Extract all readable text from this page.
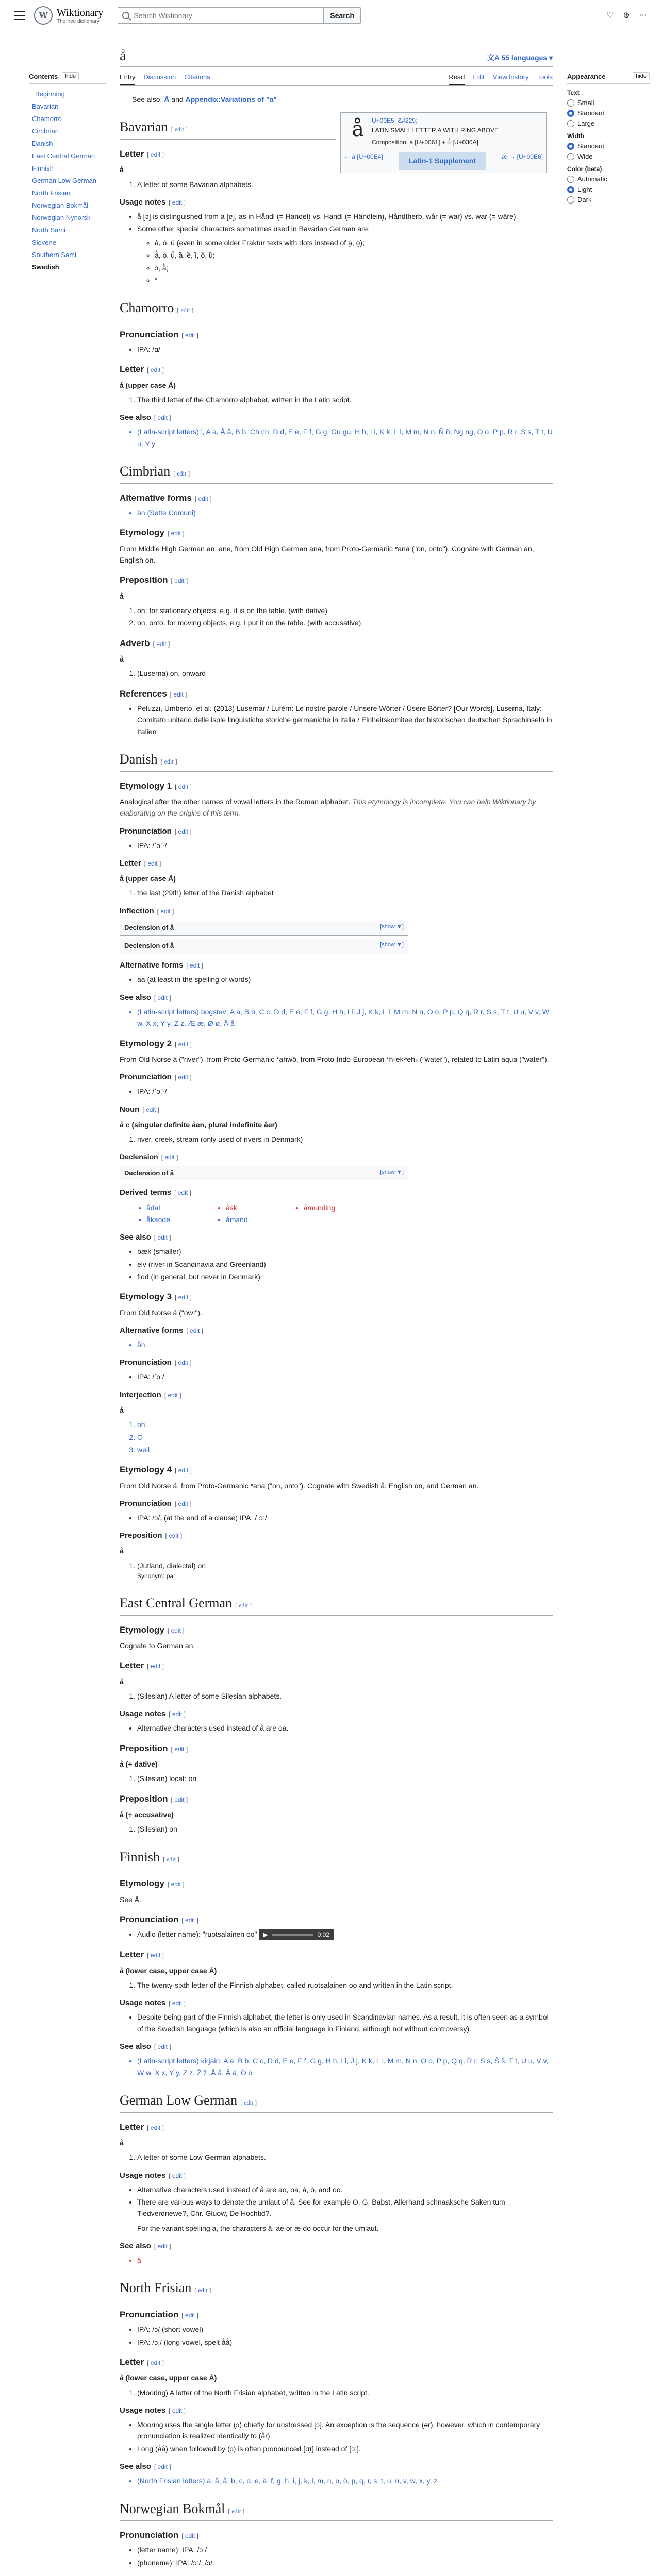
W Wiktionary
The free dictionary
Search Wiktionary	Search	♡ ⊕ ⋯
Contents	hide
Beginning
Bavarian
Chamorro
Cimbrian
Danish
East Central German
Finnish
German Low German
North Frisian
Norwegian Bokmål
Norwegian Nynorsk
North Sami
Slovene
Southern Sami
Swedish
Appearance	hide
Text
Small
Standard
Large
Width
Standard
Wide
Color (beta)
Automatic
Light
Dark
å	文A 55 languages ▾
Entry Discussion Citations	Read Edit View history Tools
See also: Å and Appendix:Variations of "a"
å	U+00E5, &#229;
LATIN SMALL LETTER A WITH RING ABOVE
Composition: a [U+0061] + ◌̊ [U+030A]
← ä [U+00E4]	Latin-1 Supplement	æ → [U+00E6]
Bavarian [ edit ]
Letter [ edit ]

å

1. A letter of some Bavarian alphabets.
Usage notes [ edit ]
• å [ɔ] is distinguished from a [ɐ], as in Håndl (= Handel) vs. Handl (= Händlein), Håndtherb, wår (= war) vs. war (= wäre).
• Some other special characters sometimes used in Bavarian German are:
◦ à, ó, ú (even in some older Fraktur texts with dots instead of a̧, o̧);
◦ ä̊, ö̊, ü̊, ȁ, ȅ, ȉ, ȍ, ȕ;
◦ ɔ̊, ä̊;
◦ °
Chamorro [ edit ]
Pronunciation [ edit ]
• IPA: /ɑ/
Letter [ edit ]

å (upper case Å)

1. The third letter of the Chamorro alphabet, written in the Latin script.
See also [ edit ]
• (Latin-script letters) ', A a, Å å, B b, Ch ch, D d, E e, F f, G g, Gu gu, H h, I i, K k, L l, M m, N n, Ñ ñ, Ng ng, O o, P p, R r, S s, T t, U u, Y y
Cimbrian [ edit ]
Alternative forms [ edit ]
• àn (Sette Comuni)
Etymology [ edit ]

From Middle High German an, ane, from Old High German ana, from Proto-Germanic *ana ("on, onto"). Cognate with German an, English on.

Preposition [ edit ]

å

1. on; for stationary objects, e.g. it is on the table. (with dative)
2. on, onto; for moving objects, e.g. I put it on the table. (with accusative)
Adverb [ edit ]

å

1. (Luserna) on, onward
References [ edit ]
• Peluzzi, Umberto, et al. (2013) Lusernar / Luférn: Le nostre parole / Unsere Wörter / Üsere Börter? [Our Words], Luserna, Italy: Comitato unitario delle isole linguistiche storiche germaniche in Italia / Einheitskomitee der historischen deutschen Sprachinseln in Italien
Danish [ edit ]
Etymology 1 [ edit ]

Analogical after the other names of vowel letters in the Roman alphabet. This etymology is incomplete. You can help Wiktionary by elaborating on the origins of this term.

Pronunciation [ edit ]
• IPA: /ˈɔːˀ/
Letter [ edit ]

å (upper case Å)

1. the last (29th) letter of the Danish alphabet
Inflection [ edit ]
Declension of å	[show ▼]
Declension of å	[show ▼]
Alternative forms [ edit ]
• aa (at least in the spelling of words)
See also [ edit ]
• (Latin-script letters) bogstav; A a, B b, C c, D d, E e, F f, G g, H h, I i, J j, K k, L l, M m, N n, O o, P p, Q q, R r, S s, T t, U u, V v, W w, X x, Y y, Z z, Æ æ, Ø ø, Å å
Etymology 2 [ edit ]

From Old Norse á ("river"), from Proto-Germanic *ahwō, from Proto-Indo-European *h₂ekʷeh₂ ("water"), related to Latin aqua ("water").

Pronunciation [ edit ]
• IPA: /ˈɔːˀ/
Noun [ edit ]

å c (singular definite åen, plural indefinite åer)

1. river, creek, stream (only used of rivers in Denmark)
Declension [ edit ]
Declension of å	[show ▼]
Derived terms [ edit ]
• ådal
• åkande
• åsk
• åmand
• åmunding
See also [ edit ]
• bæk (smaller)
• elv (river in Scandinavia and Greenland)
• flod (in general, but never in Denmark)
Etymology 3 [ edit ]

From Old Norse á ("ow!").

Alternative forms [ edit ]
• åh
Pronunciation [ edit ]
• IPA: /ˈɔː/
Interjection [ edit ]

å

1. oh
2. O
3. well
Etymology 4 [ edit ]

From Old Norse á, from Proto-Germanic *ana ("on, onto"). Cognate with Swedish å, English on, and German an.

Pronunciation [ edit ]
• IPA: /ɔ/, (at the end of a clause) IPA: /ˈɔː/
Preposition [ edit ]

å

1. (Jutland, dialectal) on
Synonym: på
East Central German [ edit ]
Etymology [ edit ]

Cognate to German an.

Letter [ edit ]

å

1. (Silesian) A letter of some Silesian alphabets.
Usage notes [ edit ]
• Alternative characters used instead of å are oa.
Preposition [ edit ]

å (+ dative)

1. (Silesian) locat: on
Preposition [ edit ]

å (+ accusative)

1. (Silesian) on
Finnish [ edit ]
Etymology [ edit ]

See Å.

Pronunciation [ edit ]
• Audio (letter name): "ruotsalainen oo" ▶	0:02
Letter [ edit ]

å (lower case, upper case Å)

1. The twenty-sixth letter of the Finnish alphabet, called ruotsalainen oo and written in the Latin script.
Usage notes [ edit ]
• Despite being part of the Finnish alphabet, the letter is only used in Scandinavian names. As a result, it is often seen as a symbol of the Swedish language (which is also an official language in Finland, although not without controversy).
See also [ edit ]
• (Latin-script letters) kirjain; A a, B b, C c, D d, E e, F f, G g, H h, I i, J j, K k, L l, M m, N n, O o, P p, Q q, R r, S s, Š š, T t, U u, V v, W w, X x, Y y, Z z, Ž ž, Å å, Ä ä, Ö ö
German Low German [ edit ]
Letter [ edit ]

å

1. A letter of some Low German alphabets.
Usage notes [ edit ]
• Alternative characters used instead of å are ao, oa, à, ò, and oo.
• There are various ways to denote the umlaut of å. See for example O. G. Babst, Allerhand schnaaksche Saken tum Tiedverdriewe?, Chr. Gluow, De Hochtid?.

For the variant spelling a, the characters ä, ae or æ do occur for the umlaut.

See also [ edit ]
• ä
North Frisian [ edit ]
Pronunciation [ edit ]
• IPA: /ɔ/ (short vowel)
• IPA: /ɔː/ (long vowel, spelt åå)
Letter [ edit ]

å (lower case, upper case Å)

1. (Mooring) A letter of the North Frisian alphabet, written in the Latin script.
Usage notes [ edit ]
• Mooring uses the single letter (ɔ) chiefly for unstressed [ɔ]. An exception is the sequence (ər), however, which in contemporary pronunciation is realized identically to (år).
• Long (åå) when followed by (ɔ) is often pronounced [ɑɪ̯] instead of [ɔː].
See also [ edit ]
• (North Frisian letters) a, å, å, b, c, d, e, ä, f, g, h, i, j, k, l, m, n, o, ö, p, q, r, s, t, u, ü, v, w, x, y, z
Norwegian Bokmål [ edit ]
Pronunciation [ edit ]
• (letter name): IPA: /ɔː/
• (phoneme): IPA: /ɔː/, /ɔ/
